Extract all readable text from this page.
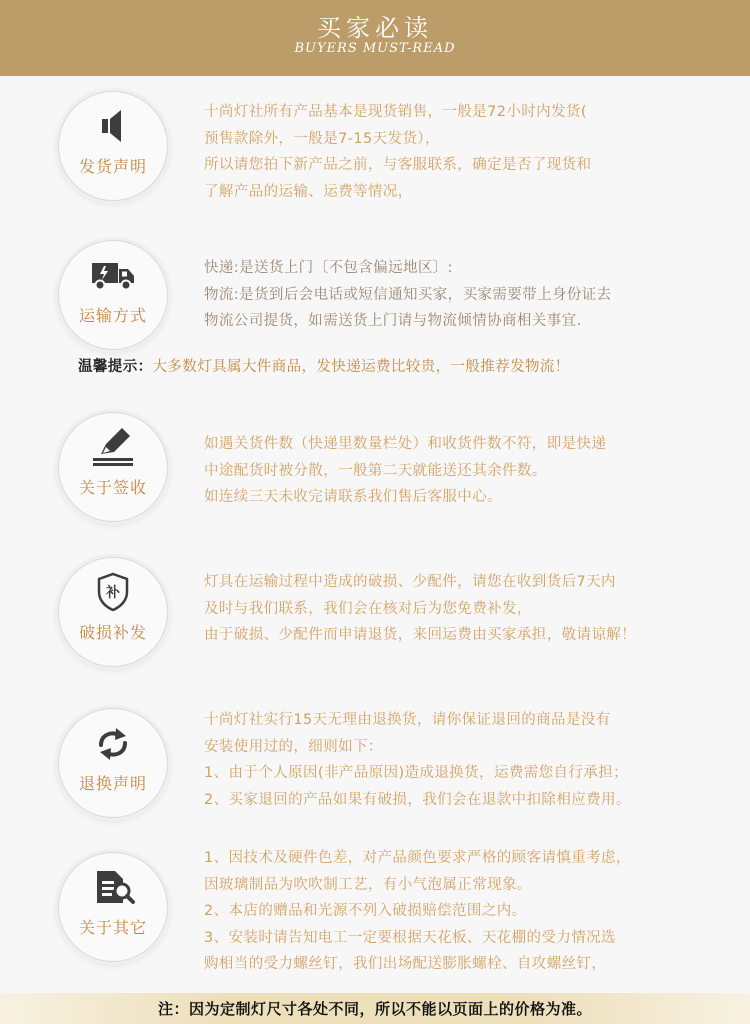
买家必读
BUYERS MUST-READ
发货声明
十尚灯社所有产品基本是现货销售，一般是72小时内发货(
预售款除外，一般是7-15天发货），
所以请您拍下新产品之前，与客服联系，确定是否了现货和
了解产品的运输、运费等情况，
运输方式
快递:是送货上门〔不包含偏远地区〕:
物流:是货到后会电话或短信通知买家，买家需要带上身份证去
物流公司提货，如需送货上门请与物流倾情协商相关事宜.
温馨提示：大多数灯具属大件商品，发快递运费比较贵，一般推荐发物流！
关于签收
如遇关货件数（快递里数量栏处）和收货件数不符，即是快递
中途配货时被分散，一般第二天就能送还其余件数。
如连续三天未收完请联系我们售后客服中心。
补
破损补发
灯具在运输过程中造成的破损、少配件，请您在收到货后7天内
及时与我们联系，我们会在核对后为您免费补发，
由于破损、少配件而申请退货，来回运费由买家承担，敬请谅解！
退换声明
十尚灯社实行15天无理由退换货，请你保证退回的商品是没有
安装使用过的，细则如下：
1、由于个人原因(非产品原因)造成退换货，运费需您自行承担；
2、买家退回的产品如果有破损，我们会在退款中扣除相应费用。
关于其它
1、因技术及硬件色差，对产品颜色要求严格的顾客请慎重考虑，
因玻璃制品为吹吹制工艺，有小气泡属正常现象。
2、本店的赠品和光源不列入破损赔偿范围之内。
3、安装时请告知电工一定要根据天花板、天花棚的受力情况选
购相当的受力螺丝钉，我们出场配送膨胀螺栓、自攻螺丝钉，
注：因为定制灯尺寸各处不同，所以不能以页面上的价格为准。
